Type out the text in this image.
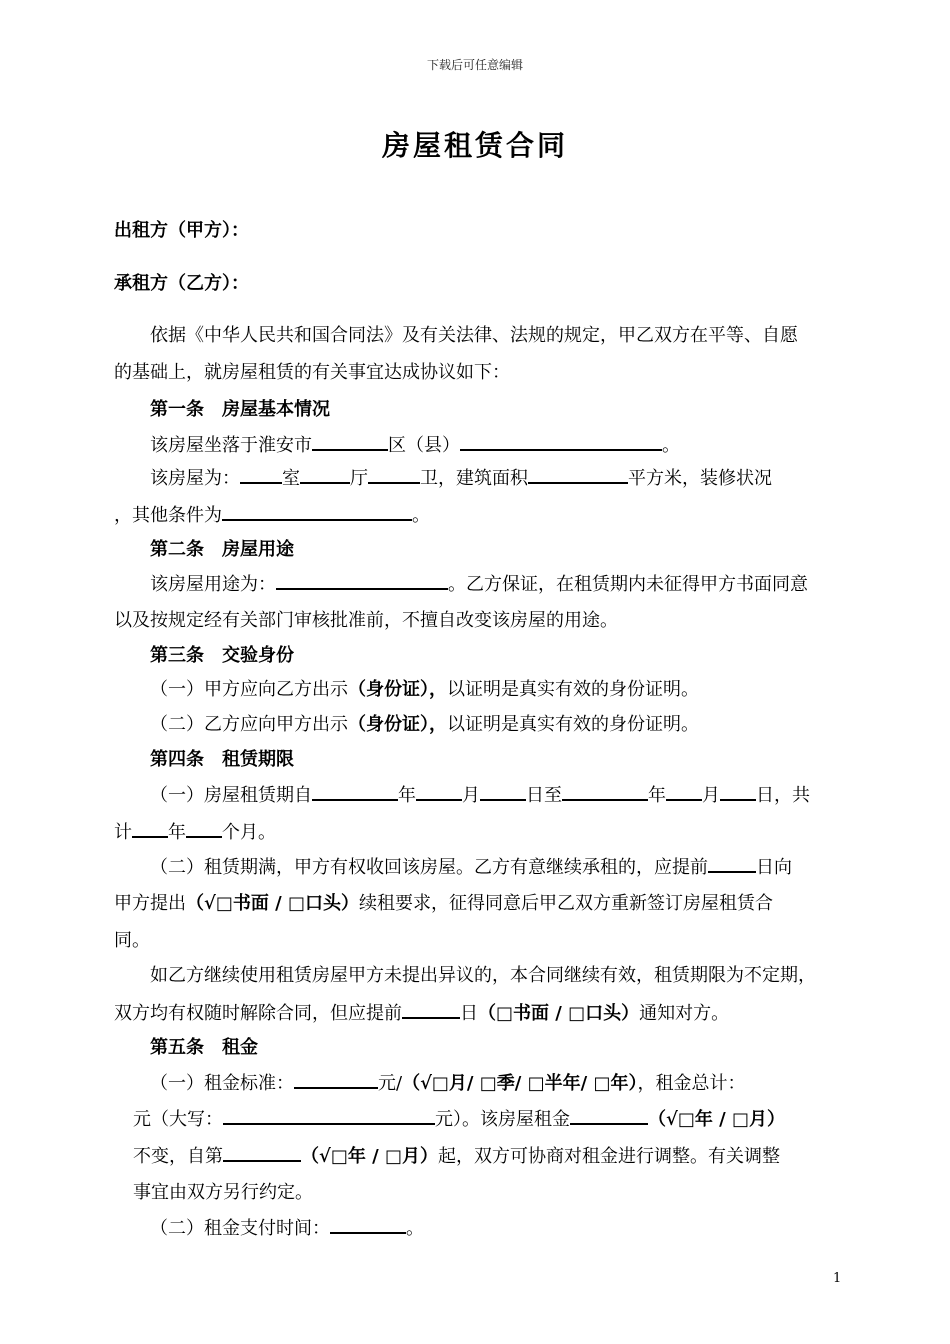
下载后可任意编辑
房屋租赁合同
出租方（甲方）：
承租方（乙方）：
依据《中华人民共和国合同法》及有关法律、法规的规定，甲乙双方在平等、自愿
的基础上，就房屋租赁的有关事宜达成协议如下：
第一条　房屋基本情况
该房屋坐落于淮安市	区（县）	。
该房屋为： 室	厅	卫，建筑面积	平方米，装修状况
，其他条件为	。
第二条　房屋用途
该房屋用途为：	。乙方保证，在租赁期内未征得甲方书面同意
以及按规定经有关部门审核批准前，不擅自改变该房屋的用途。
第三条　交验身份
（一）甲方应向乙方出示（身份证），以证明是真实有效的身份证明。
（二）乙方应向甲方出示（身份证），以证明是真实有效的身份证明。
第四条　租赁期限
（一）房屋租赁期自	年	月	日至	年 月 日，共
计 年 个月。
（二）租赁期满，甲方有权收回该房屋。乙方有意继续承租的，应提前	日向
甲方提出（√□书面 / □口头）续租要求，征得同意后甲乙双方重新签订房屋租赁合
同。
如乙方继续使用租赁房屋甲方未提出异议的，本合同继续有效，租赁期限为不定期，
双方均有权随时解除合同，但应提前	日（□书面 / □口头）通知对方。
第五条　租金
（一）租金标准：	元/（√□月/ □季/ □半年/ □年），租金总计：
元（大写：	元）。该房屋租金	（√□年 / □月）
不变，自第	（√□年 / □月）起，双方可协商对租金进行调整。有关调整
事宜由双方另行约定。
（二）租金支付时间：	。
1
